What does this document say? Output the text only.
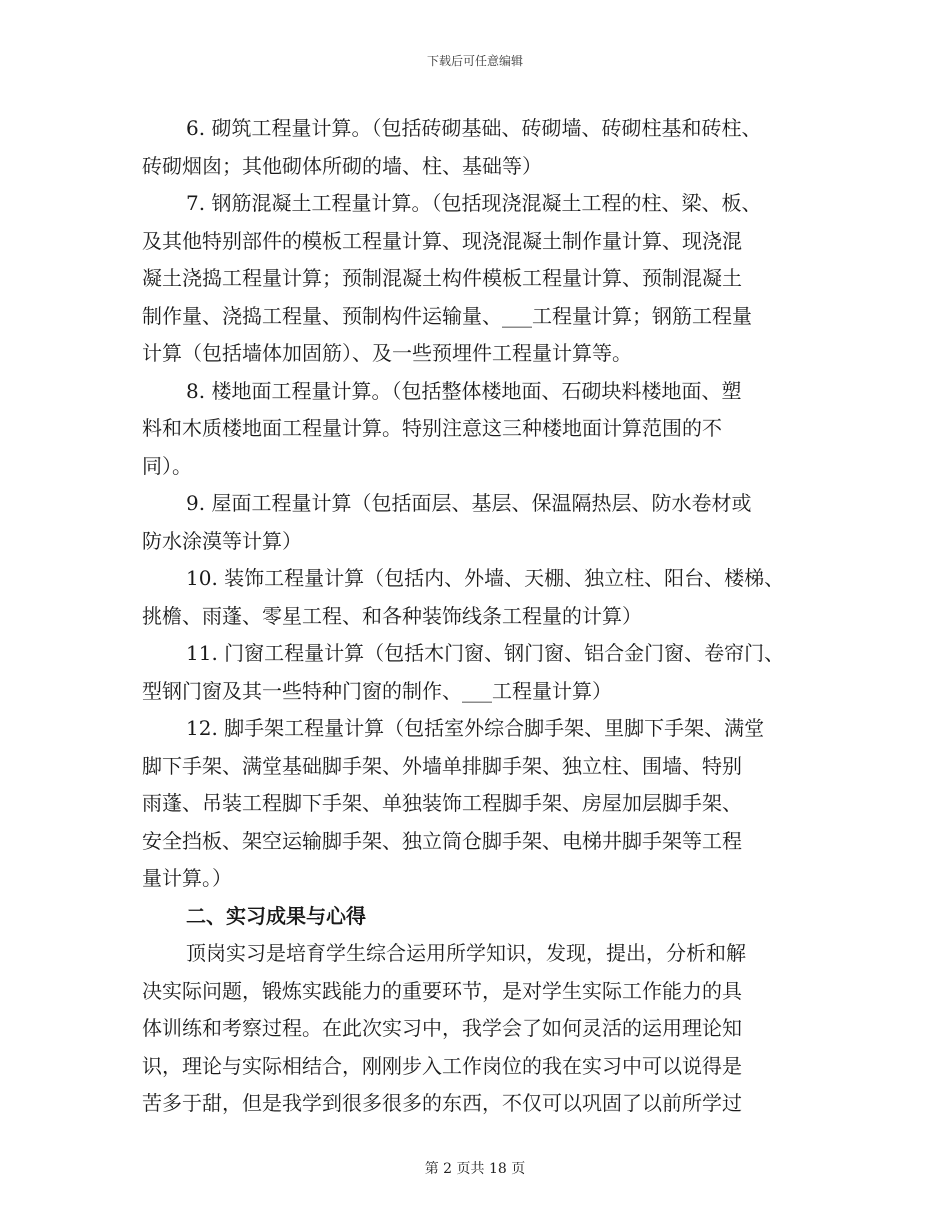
下载后可任意编辑
6. 砌筑工程量计算。（包括砖砌基础、砖砌墙、砖砌柱基和砖柱、
砖砌烟囱；其他砌体所砌的墙、柱、基础等）
7. 钢筋混凝土工程量计算。（包括现浇混凝土工程的柱、梁、板、
及其他特别部件的模板工程量计算、现浇混凝土制作量计算、现浇混
凝土浇捣工程量计算；预制混凝土构件模板工程量计算、预制混凝土
制作量、浇捣工程量、预制构件运输量、___工程量计算；钢筋工程量
计算（包括墙体加固筋）、及一些预埋件工程量计算等。
8. 楼地面工程量计算。（包括整体楼地面、石砌块料楼地面、塑
料和木质楼地面工程量计算。特别注意这三种楼地面计算范围的不
同）。
9. 屋面工程量计算（包括面层、基层、保温隔热层、防水卷材或
防水涂漠等计算）
10. 装饰工程量计算（包括内、外墙、天棚、独立柱、阳台、楼梯、
挑檐、雨蓬、零星工程、和各种装饰线条工程量的计算）
11. 门窗工程量计算（包括木门窗、钢门窗、铝合金门窗、卷帘门、
型钢门窗及其一些特种门窗的制作、___工程量计算）
12. 脚手架工程量计算（包括室外综合脚手架、里脚下手架、满堂
脚下手架、满堂基础脚手架、外墙单排脚手架、独立柱、围墙、特别
雨蓬、吊装工程脚下手架、单独装饰工程脚手架、房屋加层脚手架、
安全挡板、架空运输脚手架、独立筒仓脚手架、电梯井脚手架等工程
量计算。）
二、实习成果与心得
顶岗实习是培育学生综合运用所学知识，发现，提出，分析和解
决实际问题，锻炼实践能力的重要环节，是对学生实际工作能力的具
体训练和考察过程。在此次实习中，我学会了如何灵活的运用理论知
识，理论与实际相结合，刚刚步入工作岗位的我在实习中可以说得是
苦多于甜，但是我学到很多很多的东西，不仅可以巩固了以前所学过
第 2 页共 18 页
